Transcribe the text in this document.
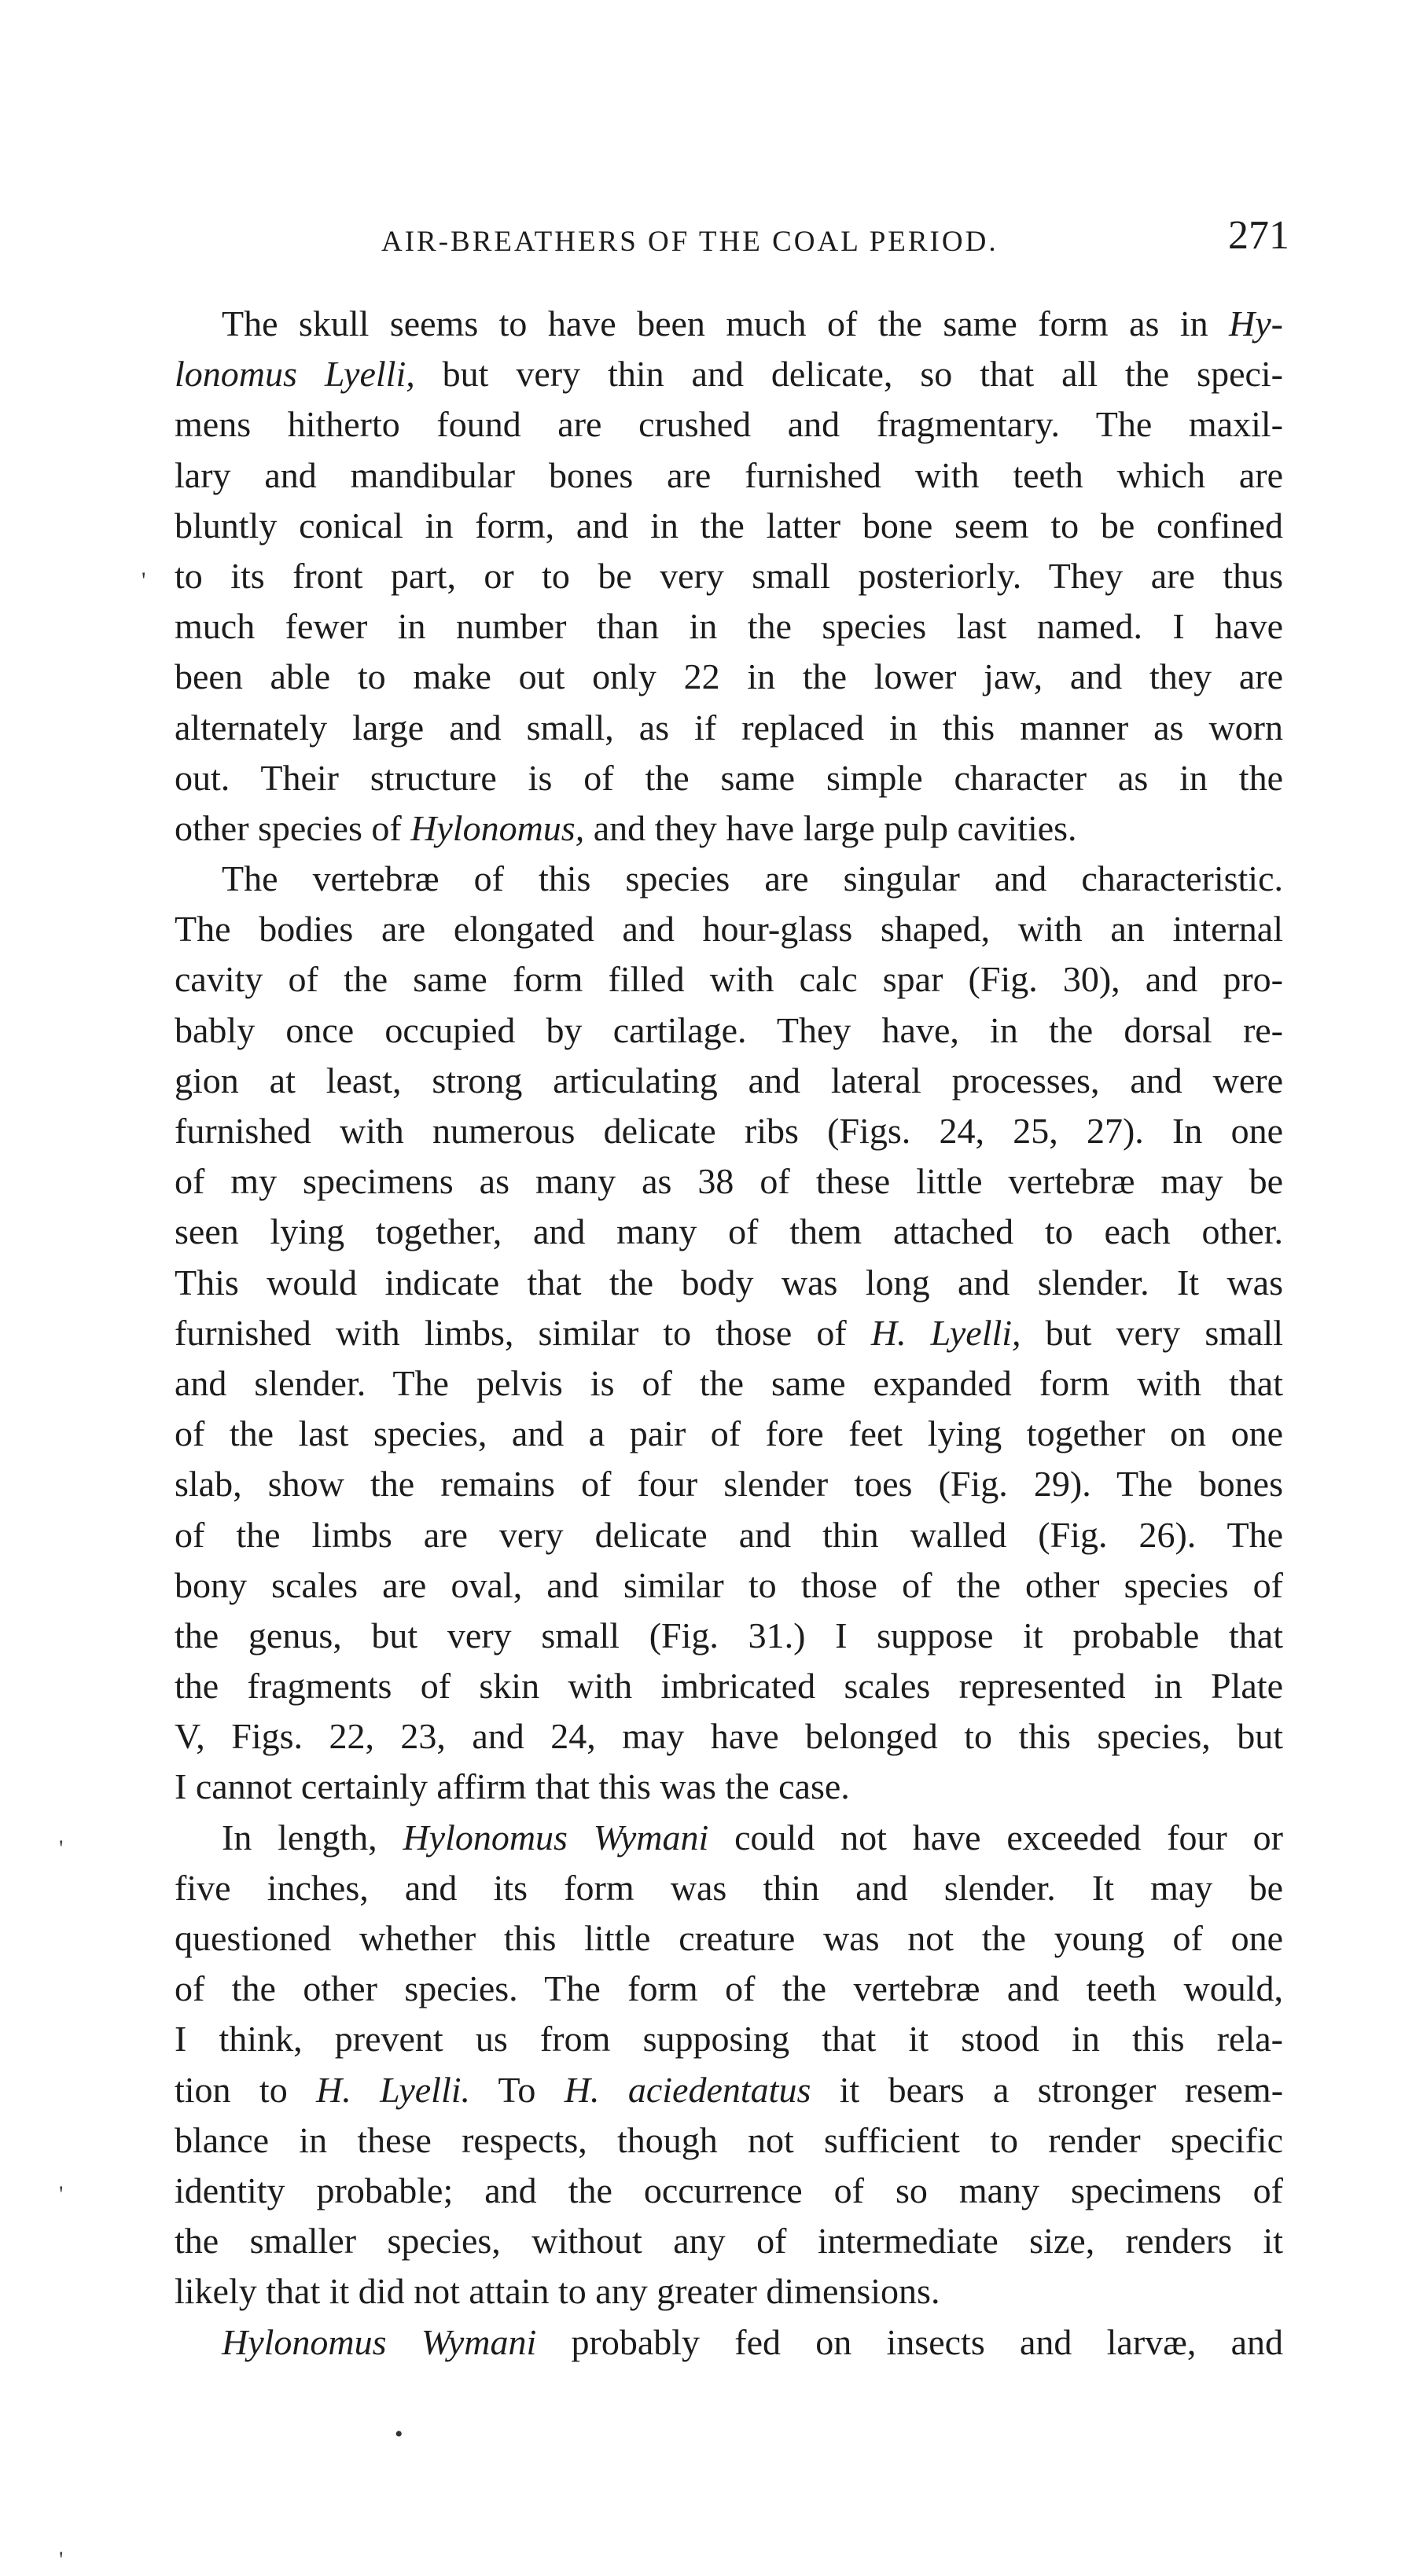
AIR-BREATHERS OF THE COAL PERIOD.	271
The skull seems to have been much of the same form as in Hy-
lonomus Lyelli, but very thin and delicate, so that all the speci-
mens hitherto found are crushed and fragmentary. The maxil-
lary and mandibular bones are furnished with teeth which are
bluntly conical in form, and in the latter bone seem to be confined
to its front part, or to be very small posteriorly. They are thus
much fewer in number than in the species last named. I have
been able to make out only 22 in the lower jaw, and they are
alternately large and small, as if replaced in this manner as worn
out. Their structure is of the same simple character as in the
other species of Hylonomus, and they have large pulp cavities.
The vertebræ of this species are singular and characteristic.
The bodies are elongated and hour-glass shaped, with an internal
cavity of the same form filled with calc spar (Fig. 30), and pro-
bably once occupied by cartilage. They have, in the dorsal re-
gion at least, strong articulating and lateral processes, and were
furnished with numerous delicate ribs (Figs. 24, 25, 27). In one
of my specimens as many as 38 of these little vertebræ may be
seen lying together, and many of them attached to each other.
This would indicate that the body was long and slender. It was
furnished with limbs, similar to those of H. Lyelli, but very small
and slender. The pelvis is of the same expanded form with that
of the last species, and a pair of fore feet lying together on one
slab, show the remains of four slender toes (Fig. 29). The bones
of the limbs are very delicate and thin walled (Fig. 26). The
bony scales are oval, and similar to those of the other species of
the genus, but very small (Fig. 31.) I suppose it probable that
the fragments of skin with imbricated scales represented in Plate
V, Figs. 22, 23, and 24, may have belonged to this species, but
I cannot certainly affirm that this was the case.
In length, Hylonomus Wymani could not have exceeded four or
five inches, and its form was thin and slender. It may be
questioned whether this little creature was not the young of one
of the other species. The form of the vertebræ and teeth would,
I think, prevent us from supposing that it stood in this rela-
tion to H. Lyelli. To H. aciedentatus it bears a stronger resem-
blance in these respects, though not sufficient to render specific
identity probable; and the occurrence of so many specimens of
the smaller species, without any of intermediate size, renders it
likely that it did not attain to any greater dimensions.
Hylonomus Wymani probably fed on insects and larvæ, and
'
'
'
•
'
